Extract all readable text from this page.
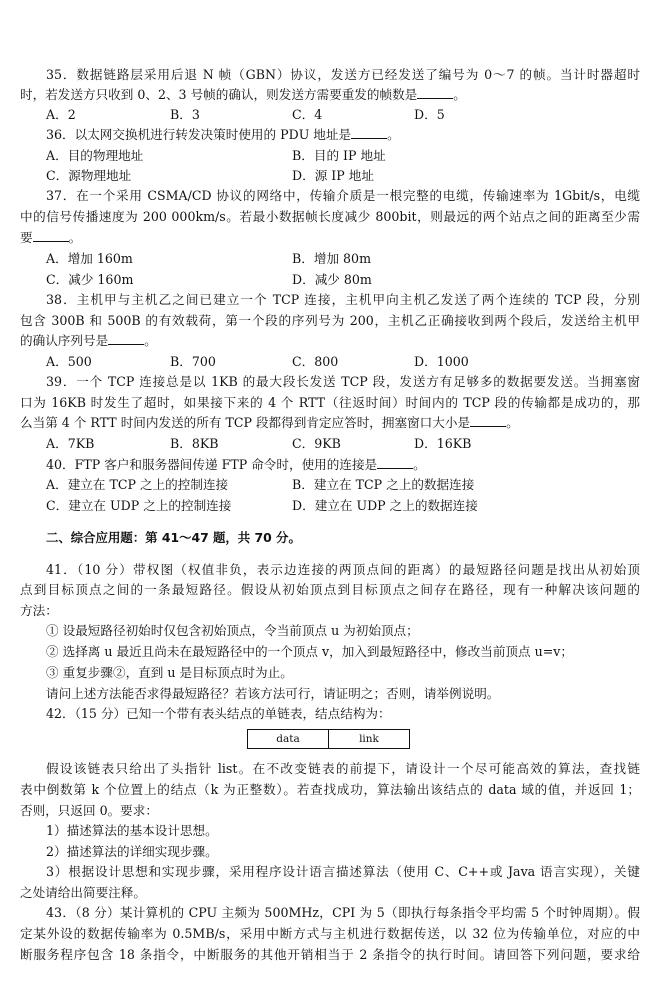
35．数据链路层采用后退 N 帧（GBN）协议，发送方已经发送了编号为 0～7 的帧。当计时器超时
时，若发送方只收到 0、2、3 号帧的确认，则发送方需要重发的帧数是	。
A．2	B．3	C．4	D．5
36．以太网交换机进行转发决策时使用的 PDU 地址是	。
A．目的物理地址	B．目的 IP 地址
C．源物理地址	D．源 IP 地址
37．在一个采用 CSMA/CD 协议的网络中，传输介质是一根完整的电缆，传输速率为 1Gbit/s，电缆
中的信号传播速度为 200 000km/s。若最小数据帧长度减少 800bit，则最远的两个站点之间的距离至少需
要	。
A．增加 160m	B．增加 80m
C．减少 160m	D．减少 80m
38．主机甲与主机乙之间已建立一个 TCP 连接，主机甲向主机乙发送了两个连续的 TCP 段，分别
包含 300B 和 500B 的有效载荷，第一个段的序列号为 200，主机乙正确接收到两个段后，发送给主机甲
的确认序列号是	。
A．500	B．700	C．800	D．1000
39．一个 TCP 连接总是以 1KB 的最大段长发送 TCP 段，发送方有足够多的数据要发送。当拥塞窗
口为 16KB 时发生了超时，如果接下来的 4 个 RTT（往返时间）时间内的 TCP 段的传输都是成功的，那
么当第 4 个 RTT 时间内发送的所有 TCP 段都得到肯定应答时，拥塞窗口大小是	。
A．7KB	B．8KB	C．9KB	D．16KB
40．FTP 客户和服务器间传递 FTP 命令时，使用的连接是	。
A．建立在 TCP 之上的控制连接	B．建立在 TCP 之上的数据连接
C．建立在 UDP 之上的控制连接	D．建立在 UDP 之上的数据连接
二、综合应用题：第 41～47 题，共 70 分。
41．（10 分）带权图（权值非负，表示边连接的两顶点间的距离）的最短路径问题是找出从初始顶
点到目标顶点之间的一条最短路径。假设从初始顶点到目标顶点之间存在路径，现有一种解决该问题的
方法：
① 设最短路径初始时仅包含初始顶点，令当前顶点 u 为初始顶点；
② 选择离 u 最近且尚未在最短路径中的一个顶点 v，加入到最短路径中，修改当前顶点 u=v；
③ 重复步骤②，直到 u 是目标顶点时为止。
请问上述方法能否求得最短路径？若该方法可行，请证明之；否则，请举例说明。
42．（15 分）已知一个带有表头结点的单链表，结点结构为：
data	link
假设该链表只给出了头指针 list。在不改变链表的前提下，请设计一个尽可能高效的算法，查找链
表中倒数第 k 个位置上的结点（k 为正整数）。若查找成功，算法输出该结点的 data 域的值，并返回 1；
否则，只返回 0。要求：
1）描述算法的基本设计思想。
2）描述算法的详细实现步骤。
3）根据设计思想和实现步骤，采用程序设计语言描述算法（使用 C、C++或 Java 语言实现），关键
之处请给出简要注释。
43．（8 分）某计算机的 CPU 主频为 500MHz，CPI 为 5（即执行每条指令平均需 5 个时钟周期）。假
定某外设的数据传输率为 0.5MB/s，采用中断方式与主机进行数据传送，以 32 位为传输单位，对应的中
断服务程序包含 18 条指令，中断服务的其他开销相当于 2 条指令的执行时间。请回答下列问题，要求给
